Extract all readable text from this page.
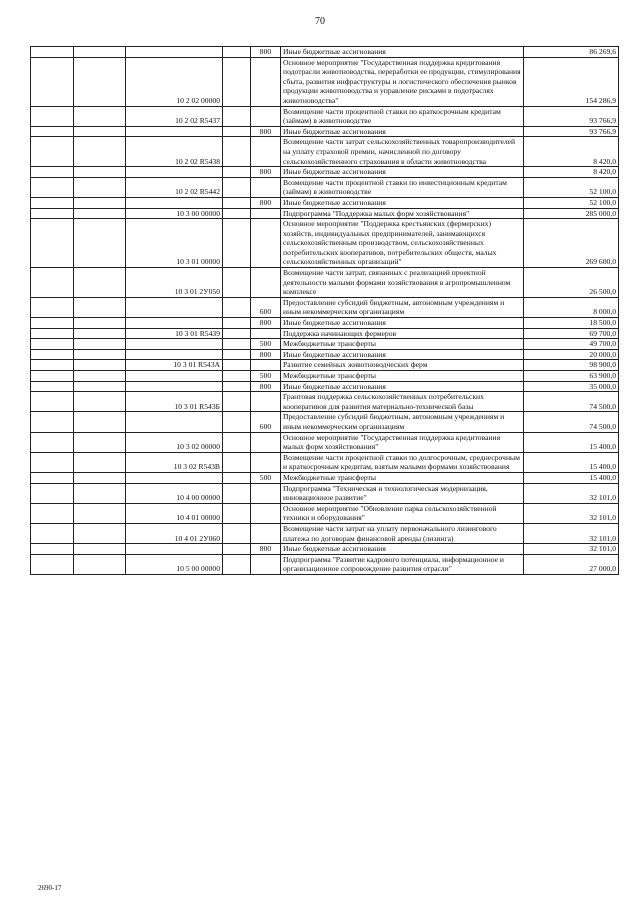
70
				800	Иные бюджетные ассигнования	86 269,6
		10 2 02 00000			Основное мероприятие "Государственная поддержка кредитования подотрасли животноводства, переработки ее продукции, стимулирования сбыта, развития инфраструктуры и логистического обеспечения рынков продукции животноводства и управление рисками в подотраслях животноводства"	154 286,9
		10 2 02 R5437			Возмещение части процентной ставки по краткосрочным кредитам (займам) в животноводстве	93 766,9
				800	Иные бюджетные ассигнования	93 766,9
		10 2 02 R5438			Возмещение части затрат сельскохозяйственных товаропроизводителей на уплату страховой премии, начисленной по договору сельскохозяйственного страхования в области животноводства	8 420,0
				800	Иные бюджетные ассигнования	8 420,0
		10 2 02 R5442			Возмещение части процентной ставки по инвестиционным кредитам (займам) в животноводстве	52 100,0
				800	Иные бюджетные ассигнования	52 100,0
		10 3 00 00000			Подпрограмма "Поддержка малых форм хозяйствования"	285 000,0
		10 3 01 00000			Основное мероприятие "Поддержка крестьянских (фермерских) хозяйств, индивидуальных предпринимателей, занимающихся сельскохозяйственным производством, сельскохозяйственных потребительских кооперативов, потребительских обществ, малых сельскохозяйственных организаций"	269 600,0
		10 3 01 2У050			Возмещение части затрат, связанных с реализацией проектной деятельности малыми формами хозяйствования в агропромышленном комплексе	26 500,0
				600	Предоставление субсидий бюджетным, автономным учреждениям и иным некоммерческим организациям	8 000,0
				800	Иные бюджетные ассигнования	18 500,0
		10 3 01 R5439			Поддержка начинающих фермеров	69 700,0
				500	Межбюджетные трансферты	49 700,0
				800	Иные бюджетные ассигнования	20 000,0
		10 3 01 R543А			Развитие семейных животноводческих ферм	98 900,0
				500	Межбюджетные трансферты	63 900,0
				800	Иные бюджетные ассигнования	35 000,0
		10 3 01 R543Б			Грантовая поддержка сельскохозяйственных потребительских кооперативов для развития материально-технической базы	74 500,0
				600	Предоставление субсидий бюджетным, автономным учреждениям и иным некоммерческим организациям	74 500,0
		10 3 02 00000			Основное мероприятие "Государственная поддержка кредитования малых форм хозяйствования"	15 400,0
		10 3 02 R543В			Возмещение части процентной ставки по долгосрочным, среднесрочным и краткосрочным кредитам, взятым малыми формами хозяйствования	15 400,0
				500	Межбюджетные трансферты	15 400,0
		10 4 00 00000			Подпрограмма "Техническая и технологическая модернизация, инновационное развитие"	32 101,0
		10 4 01 00000			Основное мероприятие "Обновление парка сельскохозяйственной техники и оборудования"	32 101,0
		10 4 01 2У060			Возмещение части затрат на уплату первоначального лизингового платежа по договорам финансовой аренды (лизинга)	32 101,0
				800	Иные бюджетные ассигнования	32 101,0
		10 5 00 00000			Подпрограмма "Развитие кадрового потенциала, информационное и организационное сопровождение развития отрасли"	27 000,0
2690-17
